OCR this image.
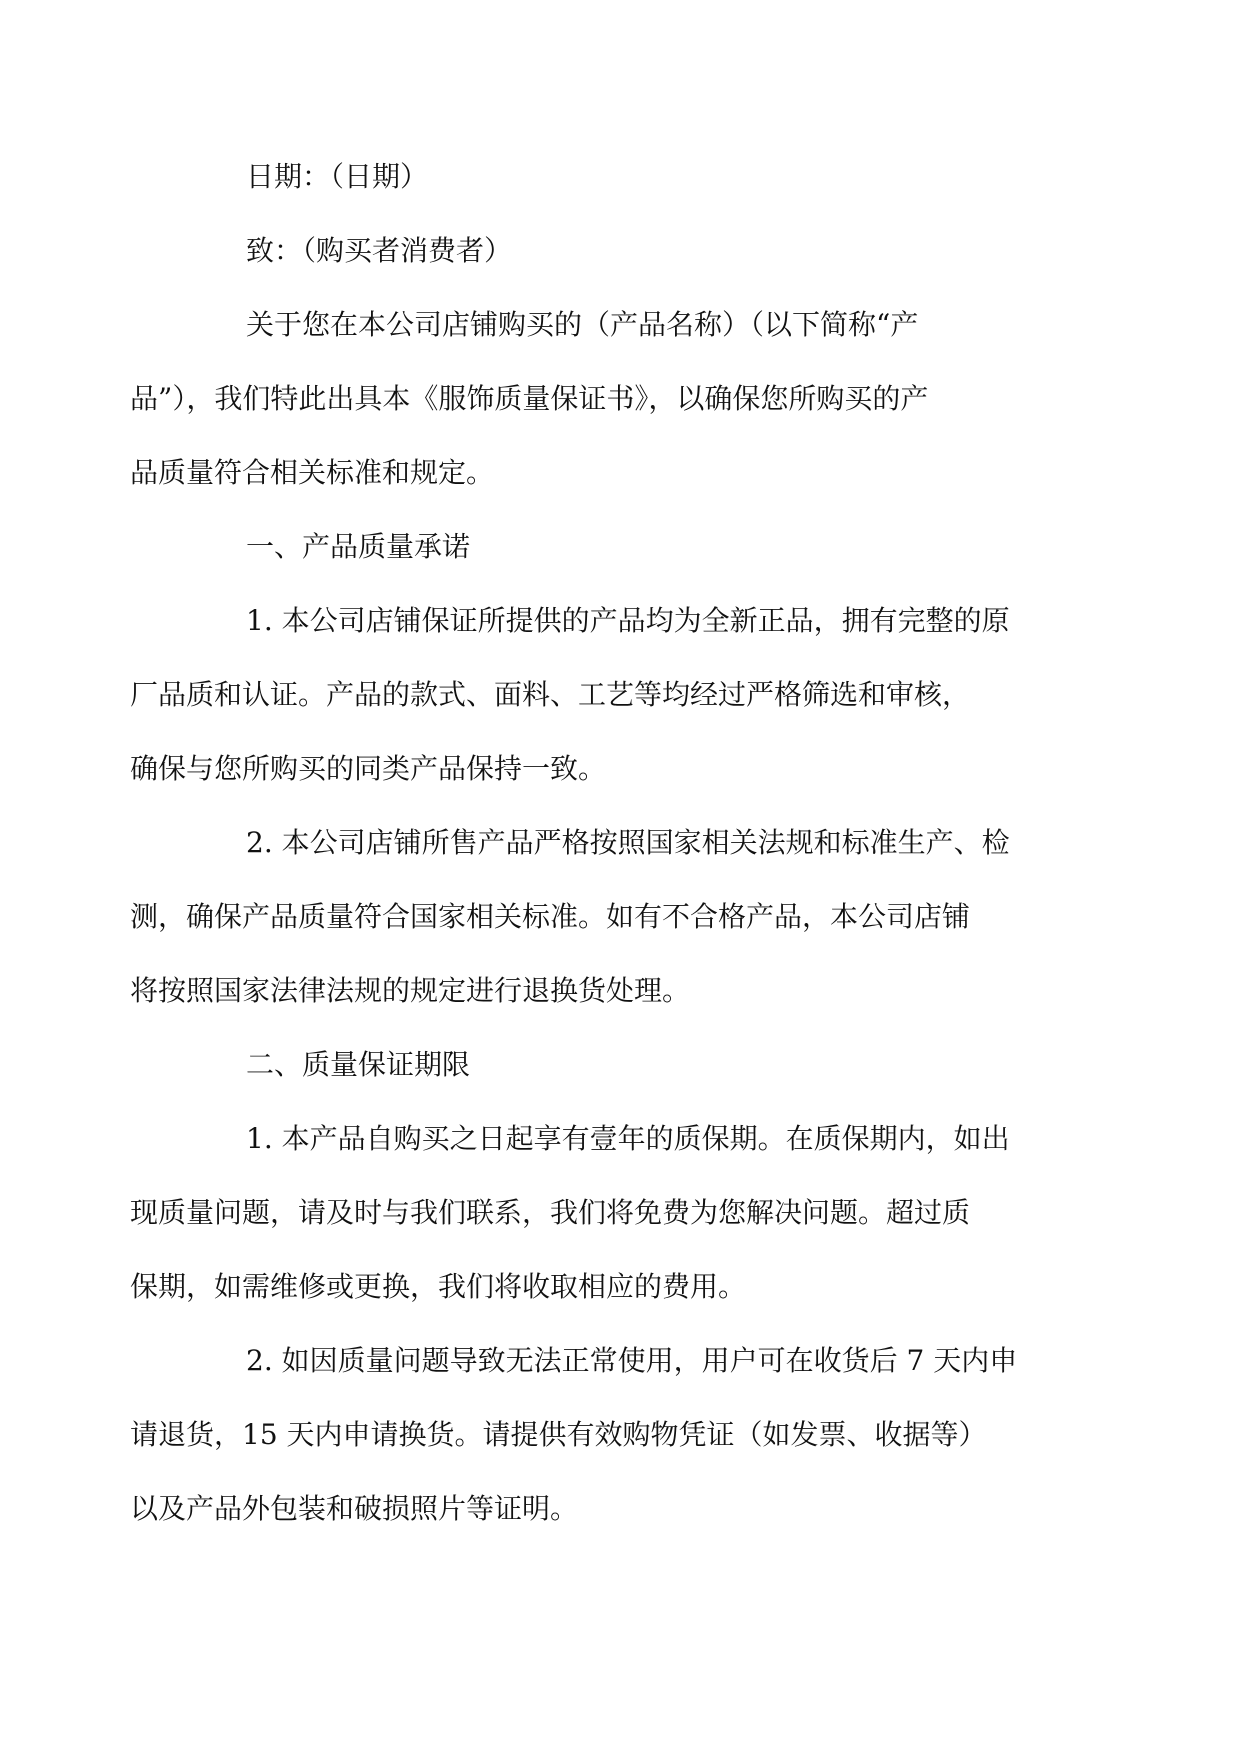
日期：（日期）

致：（购买者消费者）

关于您在本公司店铺购买的（产品名称）（以下简称“产
品”），我们特此出具本《服饰质量保证书》，以确保您所购买的产
品质量符合相关标准和规定。

一、产品质量承诺

1. 本公司店铺保证所提供的产品均为全新正品，拥有完整的原
厂品质和认证。产品的款式、面料、工艺等均经过严格筛选和审核，
确保与您所购买的同类产品保持一致。

2. 本公司店铺所售产品严格按照国家相关法规和标准生产、检
测，确保产品质量符合国家相关标准。如有不合格产品，本公司店铺
将按照国家法律法规的规定进行退换货处理。

二、质量保证期限

1. 本产品自购买之日起享有壹年的质保期。在质保期内，如出
现质量问题，请及时与我们联系，我们将免费为您解决问题。超过质
保期，如需维修或更换，我们将收取相应的费用。

2. 如因质量问题导致无法正常使用，用户可在收货后 7 天内申
请退货，15 天内申请换货。请提供有效购物凭证（如发票、收据等）
以及产品外包装和破损照片等证明。
